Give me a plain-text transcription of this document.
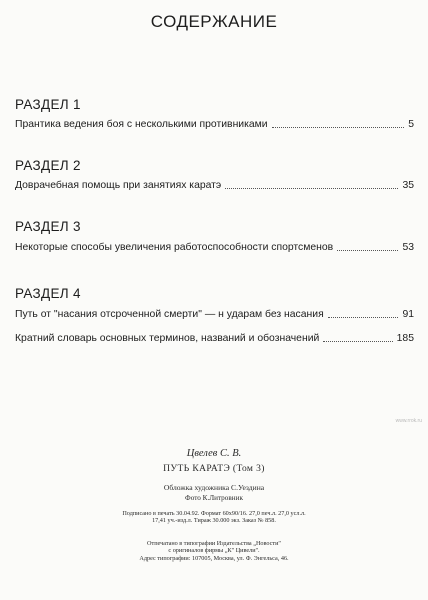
СОДЕРЖАНИЕ
РАЗДЕЛ 1
Прaнтика ведения боя с несколькими противниками	5
РАЗДЕЛ 2
Доврачебная помощь при занятиях каратэ	35
РАЗДЕЛ 3
Некоторые способы увеличения работоспособности спортсменов	53
РАЗДЕЛ 4
Путь от "насания отсроченной смерти" — н ударам без насания	91
Кратний словарь основных терминов, названий и обозначений	185
www.rrok.ru
Цвелев С. В.
ПУТЬ КАРАТЭ (Том 3)
Обложка художника С.Уездина
Фото К.Литровник
Подписано в печать 30.04.92. Формат 60x90/16. 27,0 печ.л. 27,0 усл.л.
17,41 уч.-изд.л. Тираж 30.000 экз. Заказ № 858.
Отпечатано в типографии Издательства „Новости"
с оригиналов фирмы „К" Цивели".
Адрес типографии: 107005, Москва, ул. Ф. Энгельса, 46.
